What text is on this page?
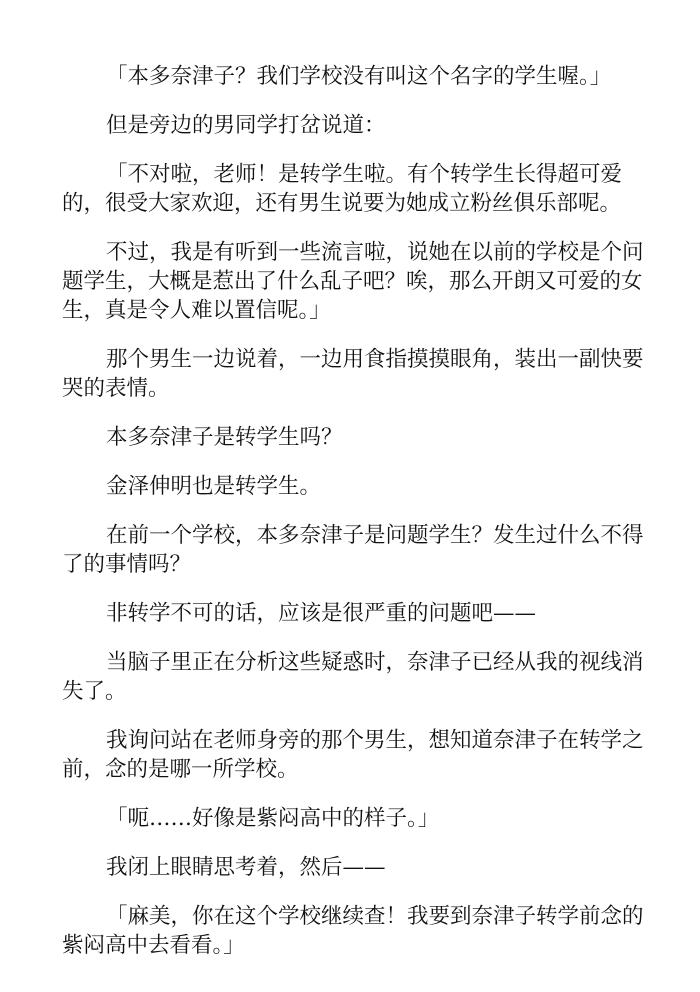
「本多奈津子？我们学校没有叫这个名字的学生喔。」

但是旁边的男同学打岔说道：

「不对啦，老师！是转学生啦。有个转学生长得超可爱的，很受大家欢迎，还有男生说要为她成立粉丝俱乐部呢。

不过，我是有听到一些流言啦，说她在以前的学校是个问题学生，大概是惹出了什么乱子吧？唉，那么开朗又可爱的女生，真是令人难以置信呢。」

那个男生一边说着，一边用食指摸摸眼角，装出一副快要哭的表情。

本多奈津子是转学生吗？

金泽伸明也是转学生。

在前一个学校，本多奈津子是问题学生？发生过什么不得了的事情吗？

非转学不可的话，应该是很严重的问题吧——

当脑子里正在分析这些疑惑时，奈津子已经从我的视线消失了。

我询问站在老师身旁的那个男生，想知道奈津子在转学之前，念的是哪一所学校。

「呃……好像是紫闷高中的样子。」

我闭上眼睛思考着，然后——

「麻美，你在这个学校继续查！我要到奈津子转学前念的紫闷高中去看看。」
